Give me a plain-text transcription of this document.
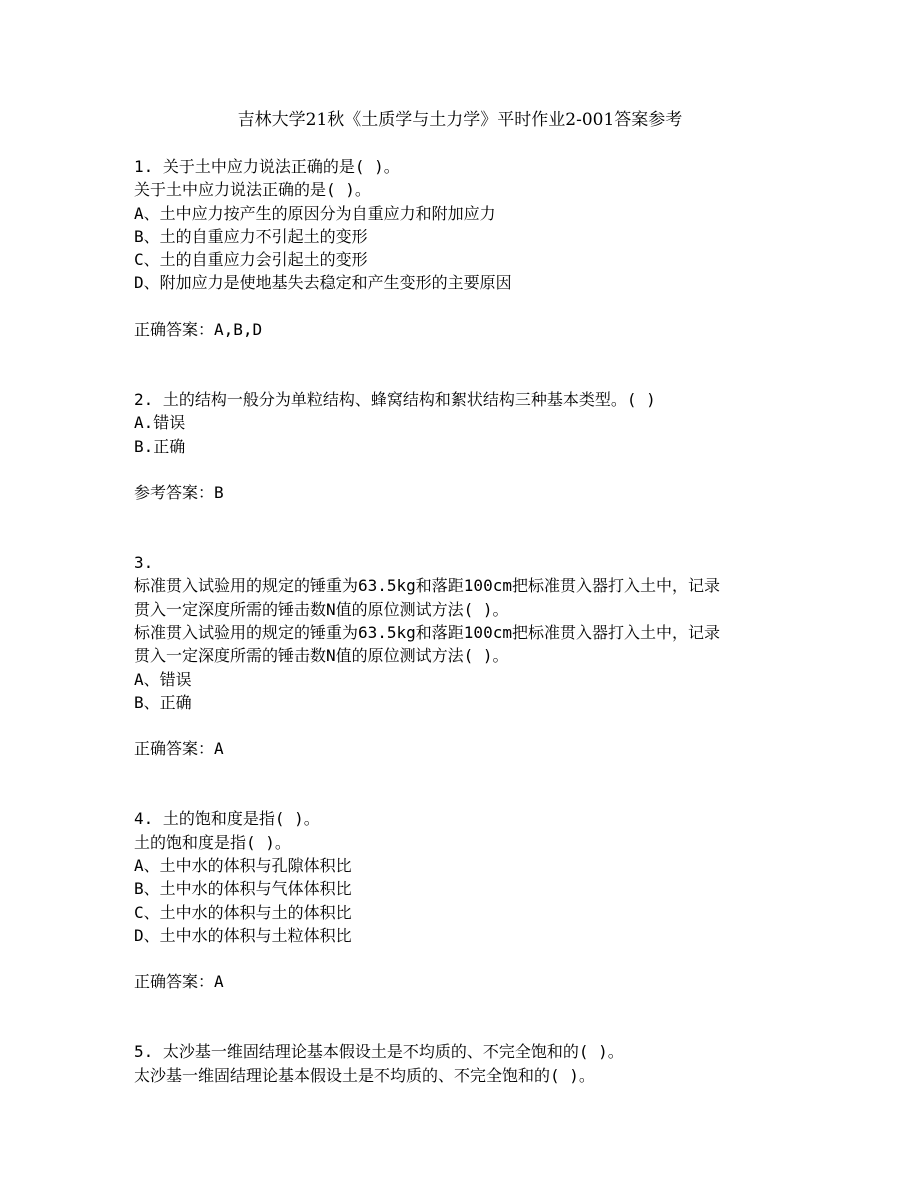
吉林大学21秋《土质学与土力学》平时作业2-001答案参考
1. 关于土中应力说法正确的是( )。
关于土中应力说法正确的是( )。
A、土中应力按产生的原因分为自重应力和附加应力
B、土的自重应力不引起土的变形
C、土的自重应力会引起土的变形
D、附加应力是使地基失去稳定和产生变形的主要原因
正确答案：A,B,D
2. 土的结构一般分为单粒结构、蜂窝结构和絮状结构三种基本类型。( )
A.错误
B.正确
参考答案：B
3.
标准贯入试验用的规定的锤重为63.5kg和落距100cm把标准贯入器打入土中，记录
贯入一定深度所需的锤击数N值的原位测试方法( )。
标准贯入试验用的规定的锤重为63.5kg和落距100cm把标准贯入器打入土中，记录
贯入一定深度所需的锤击数N值的原位测试方法( )。
A、错误
B、正确
正确答案：A
4. 土的饱和度是指( )。
土的饱和度是指( )。
A、土中水的体积与孔隙体积比
B、土中水的体积与气体体积比
C、土中水的体积与土的体积比
D、土中水的体积与土粒体积比
正确答案：A
5. 太沙基一维固结理论基本假设土是不均质的、不完全饱和的( )。
太沙基一维固结理论基本假设土是不均质的、不完全饱和的( )。
